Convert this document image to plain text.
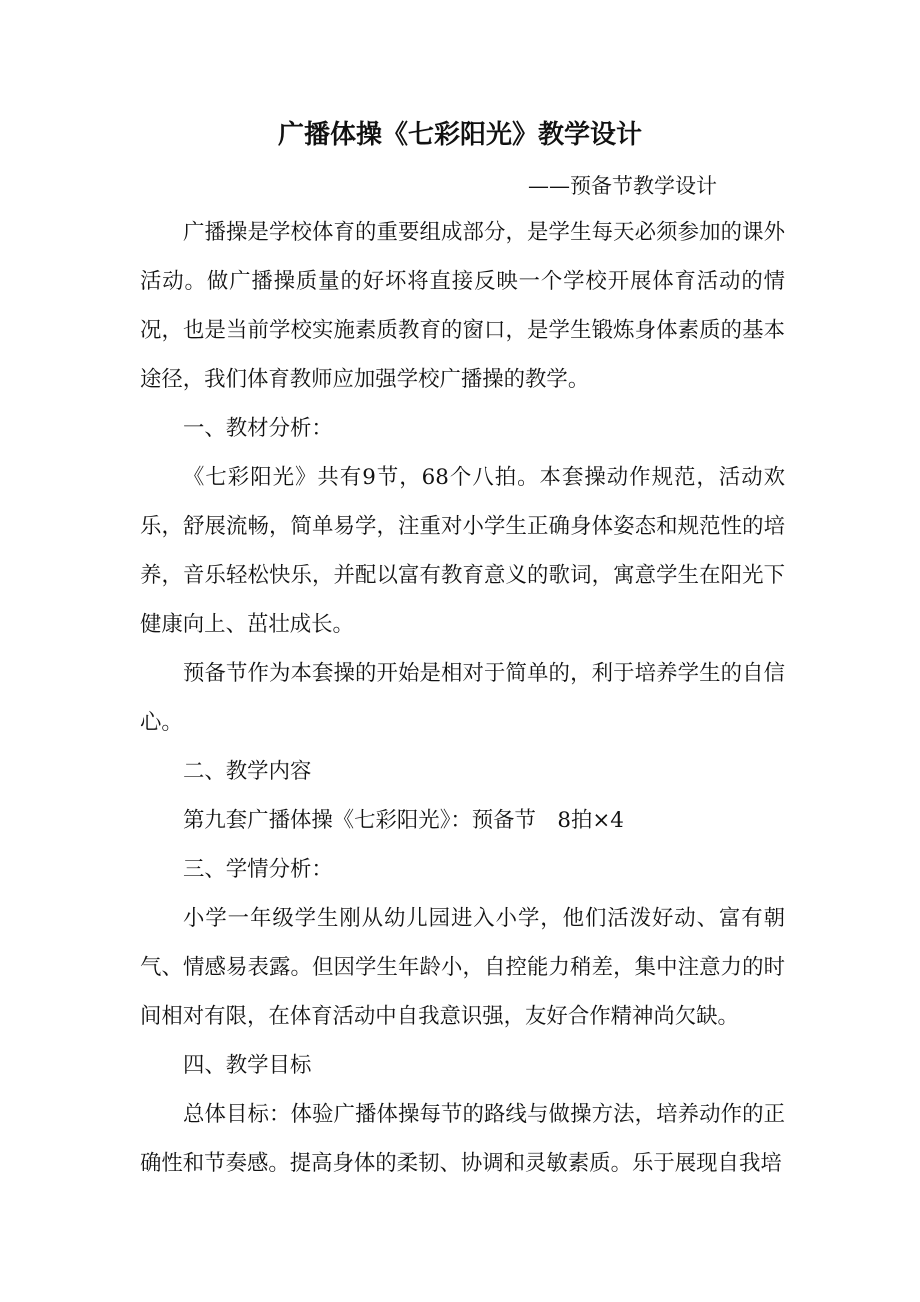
广播体操《七彩阳光》教学设计
——预备节教学设计

广播操是学校体育的重要组成部分，是学生每天必须参加的课外活动。做广播操质量的好坏将直接反映一个学校开展体育活动的情况，也是当前学校实施素质教育的窗口，是学生锻炼身体素质的基本途径，我们体育教师应加强学校广播操的教学。

一、教材分析：

《七彩阳光》共有9节，68个八拍。本套操动作规范，活动欢乐，舒展流畅，简单易学，注重对小学生正确身体姿态和规范性的培养，音乐轻松快乐，并配以富有教育意义的歌词，寓意学生在阳光下健康向上、茁壮成长。

预备节作为本套操的开始是相对于简单的，利于培养学生的自信心。

二、教学内容

第九套广播体操《七彩阳光》：预备节　8拍×4

三、学情分析：

小学一年级学生刚从幼儿园进入小学，他们活泼好动、富有朝气、情感易表露。但因学生年龄小，自控能力稍差，集中注意力的时间相对有限，在体育活动中自我意识强，友好合作精神尚欠缺。

四、教学目标

总体目标：体验广播体操每节的路线与做操方法，培养动作的正确性和节奏感。提高身体的柔韧、协调和灵敏素质。乐于展现自我培
